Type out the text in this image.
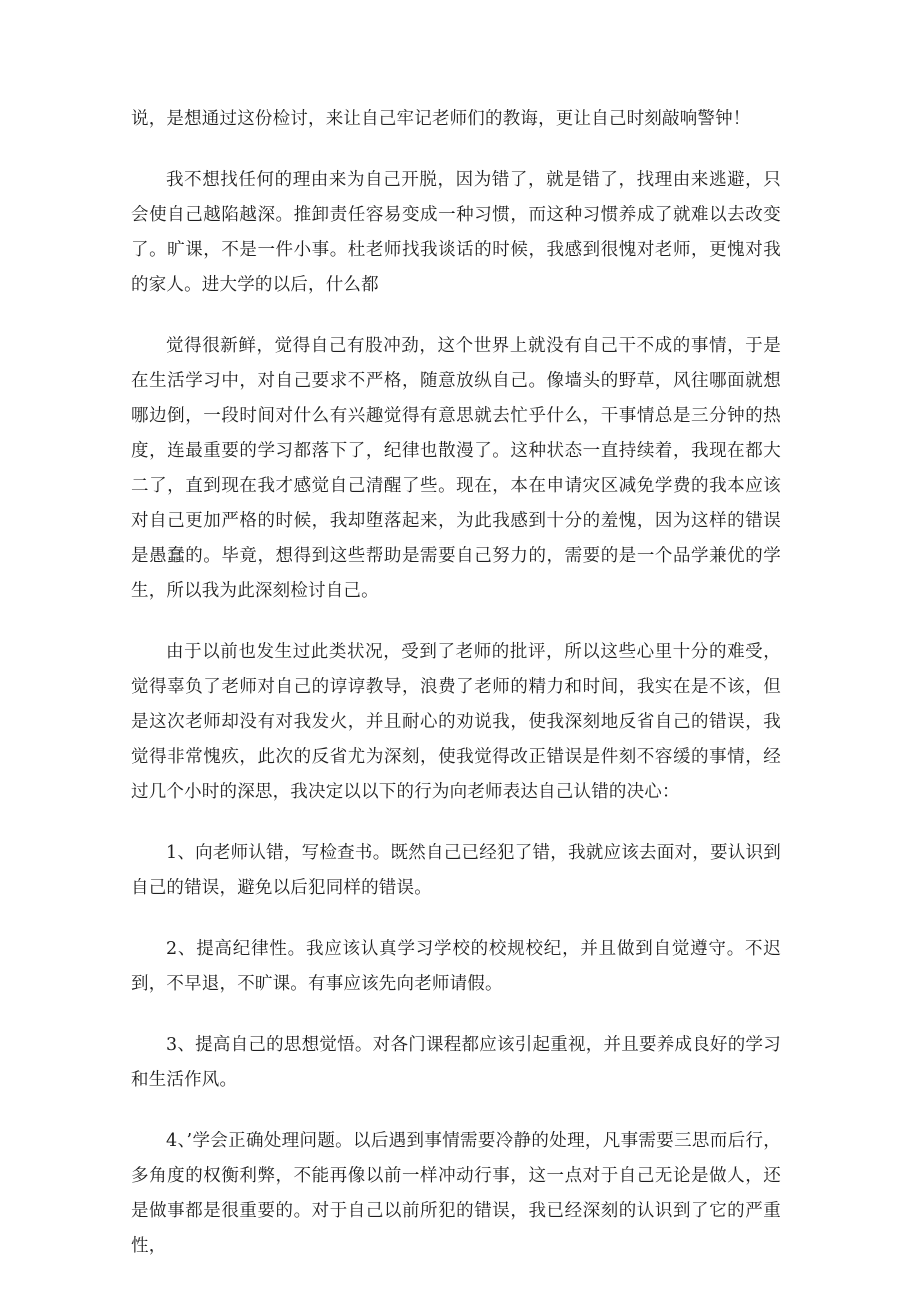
说，是想通过这份检讨，来让自己牢记老师们的教诲，更让自己时刻敲响警钟！

我不想找任何的理由来为自己开脱，因为错了，就是错了，找理由来逃避，只会使自己越陷越深。推卸责任容易变成一种习惯，而这种习惯养成了就难以去改变了。旷课，不是一件小事。杜老师找我谈话的时候，我感到很愧对老师，更愧对我的家人。进大学的以后，什么都

觉得很新鲜，觉得自己有股冲劲，这个世界上就没有自己干不成的事情，于是在生活学习中，对自己要求不严格，随意放纵自己。像墙头的野草，风往哪面就想哪边倒，一段时间对什么有兴趣觉得有意思就去忙乎什么，干事情总是三分钟的热度，连最重要的学习都落下了，纪律也散漫了。这种状态一直持续着，我现在都大二了，直到现在我才感觉自己清醒了些。现在，本在申请灾区减免学费的我本应该对自己更加严格的时候，我却堕落起来，为此我感到十分的羞愧，因为这样的错误是愚蠢的。毕竟，想得到这些帮助是需要自己努力的，需要的是一个品学兼优的学生，所以我为此深刻检讨自己。

由于以前也发生过此类状况，受到了老师的批评，所以这些心里十分的难受，觉得辜负了老师对自己的谆谆教导，浪费了老师的精力和时间，我实在是不该，但是这次老师却没有对我发火，并且耐心的劝说我，使我深刻地反省自己的错误，我觉得非常愧疚，此次的反省尤为深刻，使我觉得改正错误是件刻不容缓的事情，经过几个小时的深思，我决定以以下的行为向老师表达自己认错的决心：

1、向老师认错，写检查书。既然自己已经犯了错，我就应该去面对，要认识到自己的错误，避免以后犯同样的错误。

2、提高纪律性。我应该认真学习学校的校规校纪，并且做到自觉遵守。不迟到，不早退，不旷课。有事应该先向老师请假。

3、提高自己的思想觉悟。对各门课程都应该引起重视，并且要养成良好的学习和生活作风。

4、’学会正确处理问题。以后遇到事情需要冷静的处理，凡事需要三思而后行，多角度的权衡利弊，不能再像以前一样冲动行事，这一点对于自己无论是做人，还是做事都是很重要的。对于自己以前所犯的错误，我已经深刻的认识到了它的严重性，
